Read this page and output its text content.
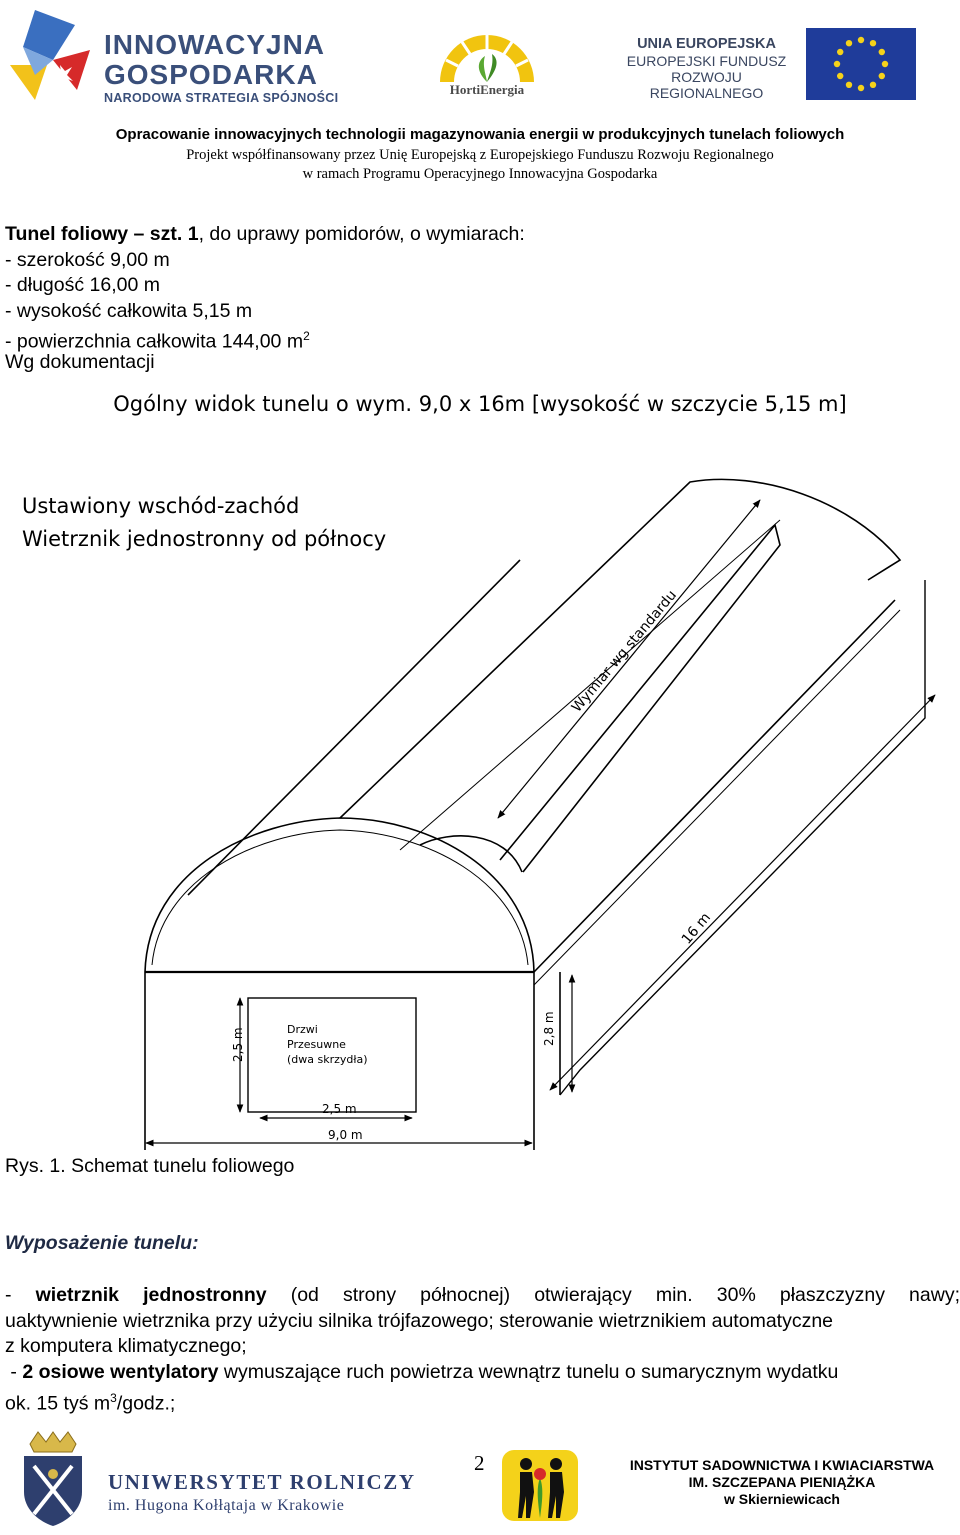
INNOWACYJNA
GOSPODARKA
NARODOWA STRATEGIA SPÓJNOŚCI
HortiEnergia
UNIA EUROPEJSKA
EUROPEJSKI FUNDUSZ
ROZWOJU REGIONALNEGO
Opracowanie innowacyjnych technologii magazynowania energii w produkcyjnych tunelach foliowych
Projekt współfinansowany przez Unię Europejską z Europejskiego Funduszu Rozwoju Regionalnego
w ramach Programu Operacyjnego Innowacyjna Gospodarka
Tunel foliowy – szt. 1, do uprawy pomidorów, o wymiarach:
- szerokość 9,00 m
- długość 16,00 m
- wysokość całkowita 5,15 m
- powierzchnia całkowita 144,00 $m^2$
Wg dokumentacji
Ogólny widok tunelu o wym. 9,0 x 16m [wysokość w szczycie 5,15 m]
Ustawiony wschód-zachód
Wietrznik jednostronny od północy
Wymiar wg standardu
16 m
Drzwi
Przesuwne
(dwa skrzydła)
2,5 m	2,8 m
2,5 m
9,0 m
Rys. 1. Schemat tunelu foliowego
Wyposażenie tunelu:
- wietrznik jednostronny (od strony północnej) otwierający min. 30% płaszczyzny nawy;
uaktywnienie wietrznika przy użyciu silnika trójfazowego; sterowanie wietrznikiem automatyczne
z komputera klimatycznego;
- 2 osiowe wentylatory wymuszające ruch powietrza wewnątrz tunelu o sumarycznym wydatku
ok. 15 tyś $m^3$/godz.;
UNIWERSYTET ROLNICZY
im. Hugona Kołłątaja w Krakowie
2	INSTYTUT SADOWNICTWA I KWIACIARSTWA
IM. SZCZEPANA PIENIĄŻKA
w Skierniewicach
